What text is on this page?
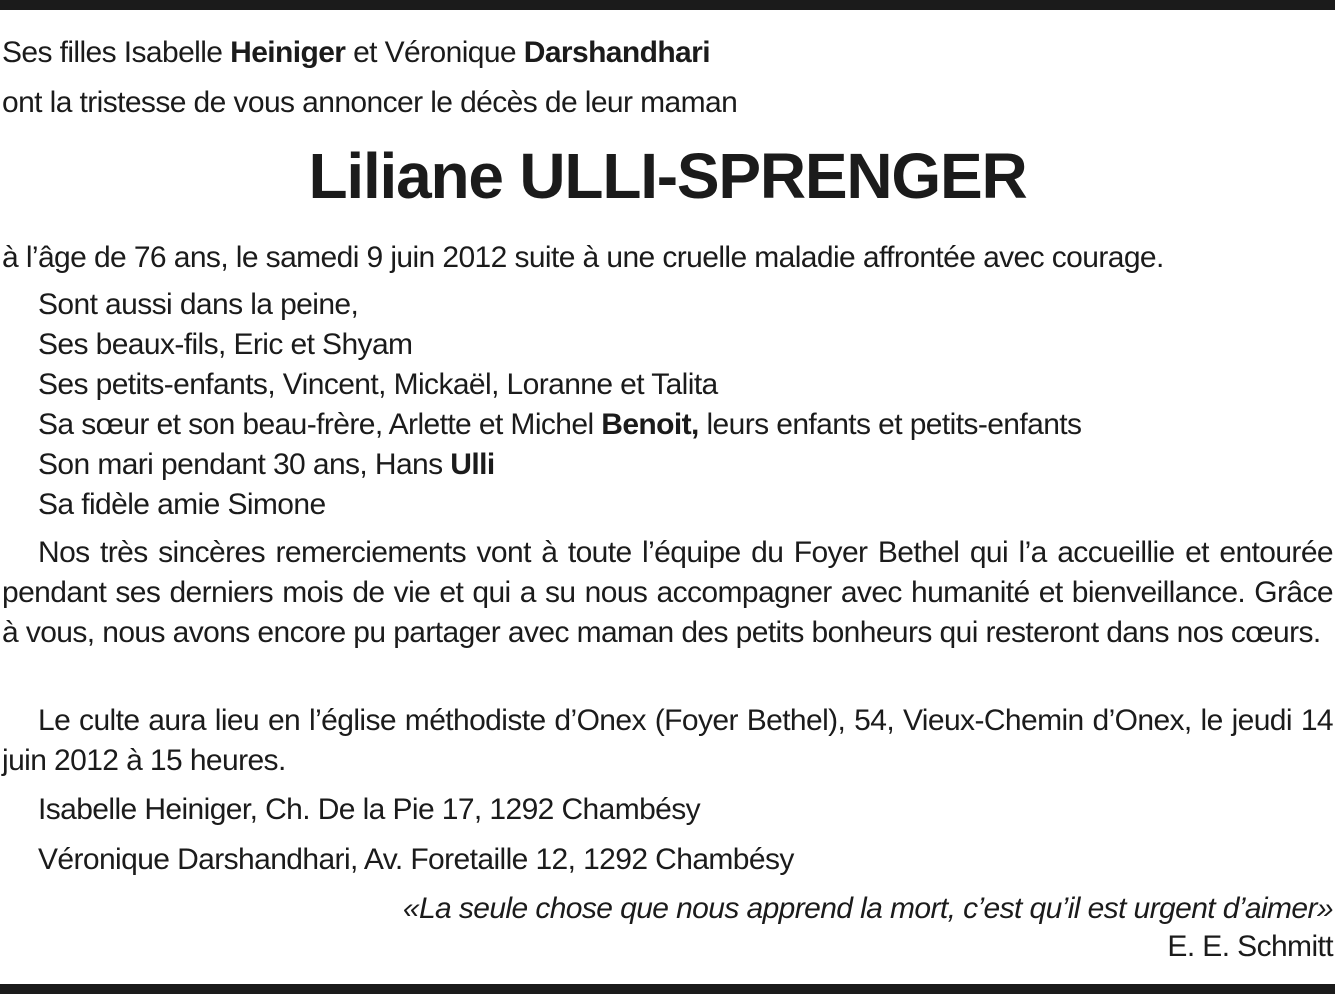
Ses filles Isabelle Heiniger et Véronique Darshandhari
ont la tristesse de vous annoncer le décès de leur maman
Liliane ULLI-SPRENGER
à l’âge de 76 ans, le samedi 9 juin 2012 suite à une cruelle maladie affrontée avec courage.
Sont aussi dans la peine,
Ses beaux-fils, Eric et Shyam
Ses petits-enfants, Vincent, Mickaël, Loranne et Talita
Sa sœur et son beau-frère, Arlette et Michel Benoit, leurs enfants et petits-enfants
Son mari pendant 30 ans, Hans Ulli
Sa fidèle amie Simone
Nos très sincères remerciements vont à toute l’équipe du Foyer Bethel qui l’a accueillie et entourée pendant ses derniers mois de vie et qui a su nous accompagner avec humanité et bienveillance. Grâce à vous, nous avons encore pu partager avec maman des petits bonheurs qui resteront dans nos cœurs.
Le culte aura lieu en l’église méthodiste d’Onex (Foyer Bethel), 54, Vieux-Chemin d’Onex, le jeudi 14 juin 2012 à 15 heures.
Isabelle Heiniger, Ch. De la Pie 17, 1292 Chambésy
Véronique Darshandhari, Av. Foretaille 12, 1292 Chambésy
«La seule chose que nous apprend la mort, c’est qu’il est urgent d’aimer»
E. E. Schmitt
